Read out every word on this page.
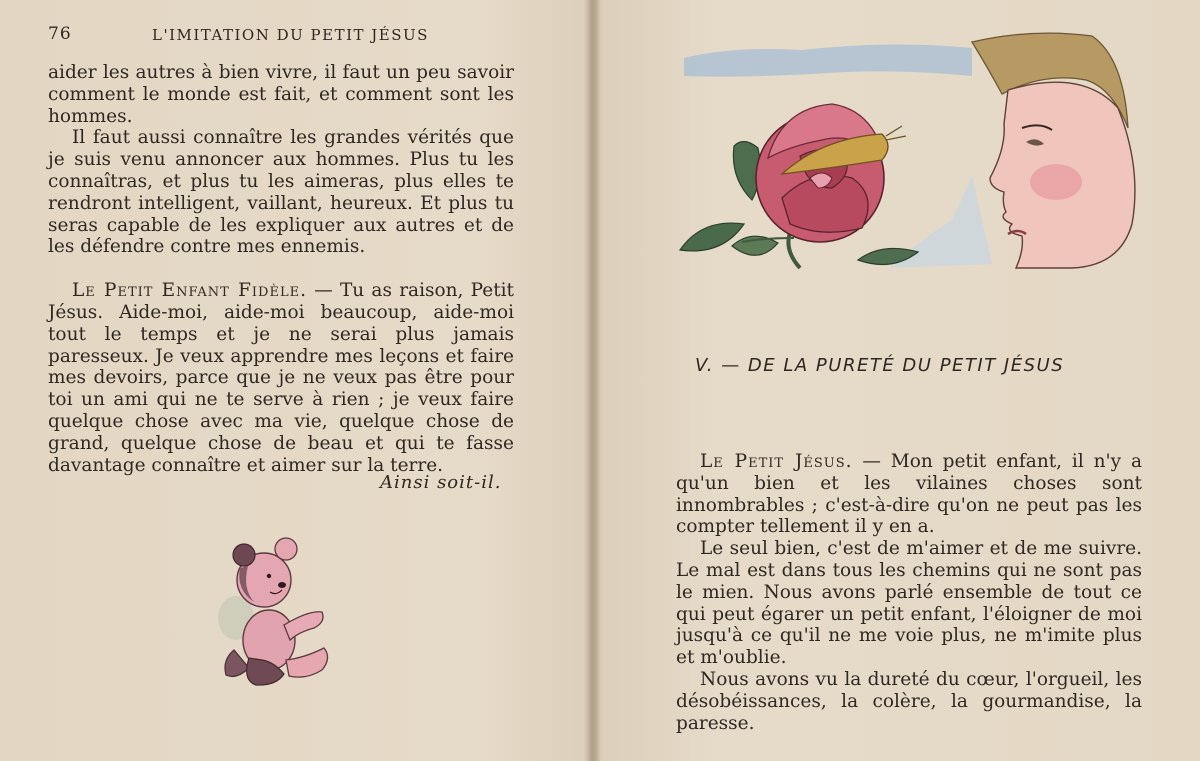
76	L'IMITATION DU PETIT JÉSUS

aider les autres à bien vivre, il faut un peu savoir comment le monde est fait, et comment sont les hommes.

Il faut aussi connaître les grandes vérités que je suis venu annoncer aux hommes. Plus tu les connaîtras, et plus tu les aimeras, plus elles te rendront intelligent, vaillant, heureux. Et plus tu seras capable de les expliquer aux autres et de les défendre contre mes ennemis.

Le Petit Enfant Fidèle. — Tu as raison, Petit Jésus. Aide-moi, aide-moi beaucoup, aide-moi tout le temps et je ne serai plus jamais paresseux. Je veux apprendre mes leçons et faire mes devoirs, parce que je ne veux pas être pour toi un ami qui ne te serve à rien ; je veux faire quelque chose avec ma vie, quelque chose de grand, quelque chose de beau et qui te fasse davantage connaître et aimer sur la terre.

Ainsi soit-il.
V. — DE LA PURETÉ DU PETIT JÉSUS

Le Petit Jésus. — Mon petit enfant, il n'y a qu'un bien et les vilaines choses sont innombrables ; c'est-à-dire qu'on ne peut pas les compter tellement il y en a.

Le seul bien, c'est de m'aimer et de me suivre. Le mal est dans tous les chemins qui ne sont pas le mien. Nous avons parlé ensemble de tout ce qui peut égarer un petit enfant, l'éloigner de moi jusqu'à ce qu'il ne me voie plus, ne m'imite plus et m'oublie.

Nous avons vu la dureté du cœur, l'orgueil, les désobéissances, la colère, la gourmandise, la paresse.
